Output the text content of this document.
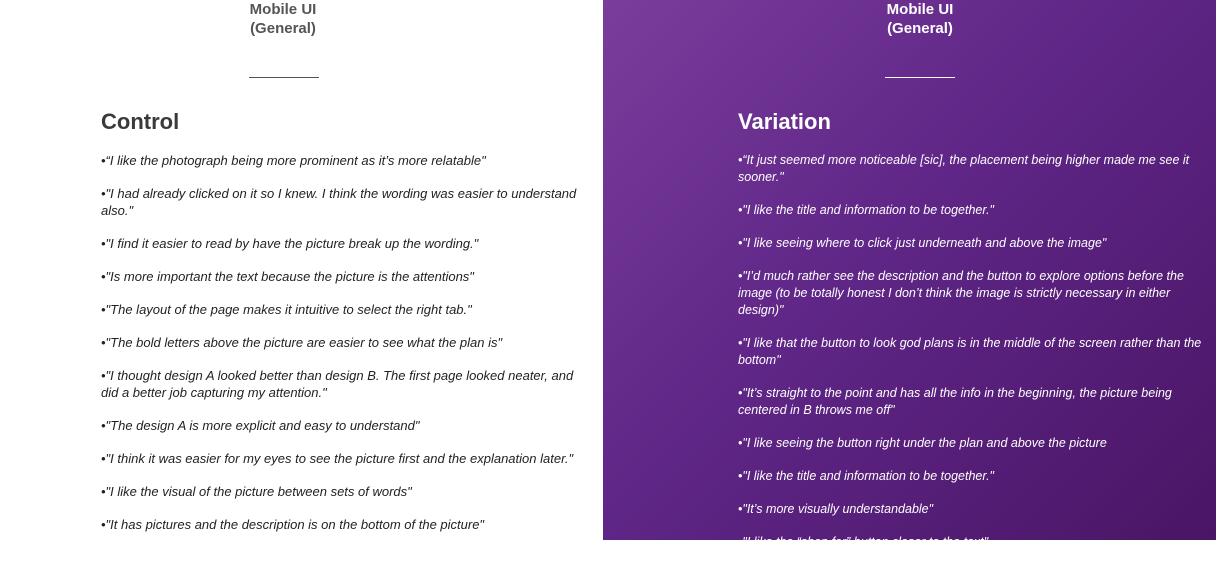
Mobile UI
(General)
Control
•“I like the photograph being more prominent as it’s more relatable"
•"I had already clicked on it so I knew. I think the wording was easier to understand also."
•"I find it easier to read by have the picture break up the wording."
•"Is more important the text because the picture is the attentions"
•"The layout of the page makes it intuitive to select the right tab."
•"The bold letters above the picture are easier to see what the plan is"
•"I thought design A looked better than design B. The first page looked neater, and did a better job capturing my attention."
•"The design A is more explicit and easy to understand"
•"I think it was easier for my eyes to see the picture first and the explanation later."
•"I like the visual of the picture between sets of words"
•"It has pictures and the description is on the bottom of the picture"
Mobile UI
(General)
Variation
•“It just seemed more noticeable [sic], the placement being higher made me see it sooner."
•"I like the title and information to be together."
•"I like seeing where to click just underneath and above the image"
•"I’d much rather see the description and the button to explore options before the image (to be totally honest I don’t think the image is strictly necessary in either design)"
•"I like that the button to look god plans is in the middle of the screen rather than the bottom"
•"It’s straight to the point and has all the info in the beginning, the picture being centered in B throws me off"
•"I like seeing the button right under the plan and above the picture
•"I like the title and information to be together."
•"It’s more visually understandable"
•"I like the “shop for” button closer to the text"
